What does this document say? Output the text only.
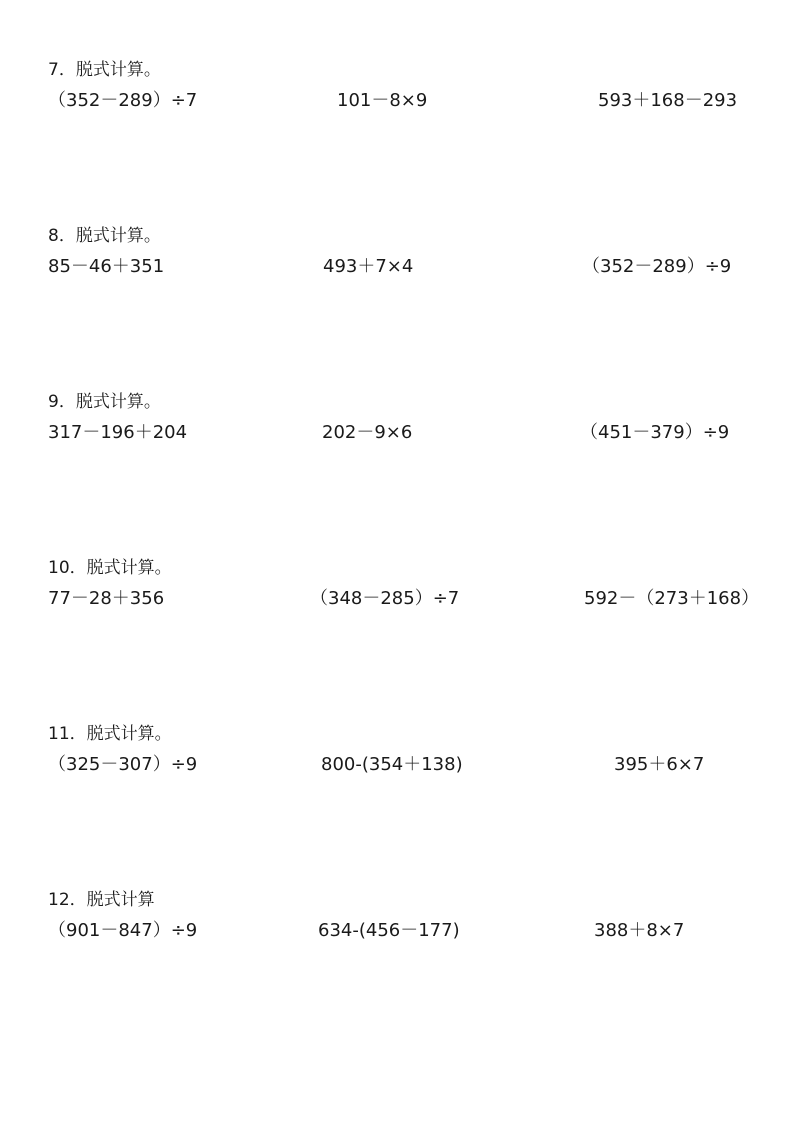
7．脱式计算。
（352－289）÷7	101－8×9	593＋168－293
8．脱式计算。
85－46＋351	493＋7×4	（352－289）÷9
9．脱式计算。
317－196＋204	202－9×6	（451－379）÷9
10．脱式计算。
77－28＋356	（348－285）÷7	592－（273＋168）
11．脱式计算。
（325－307）÷9	800-(354＋138)	395＋6×7
12．脱式计算
（901－847）÷9	634-(456－177)	388＋8×7
